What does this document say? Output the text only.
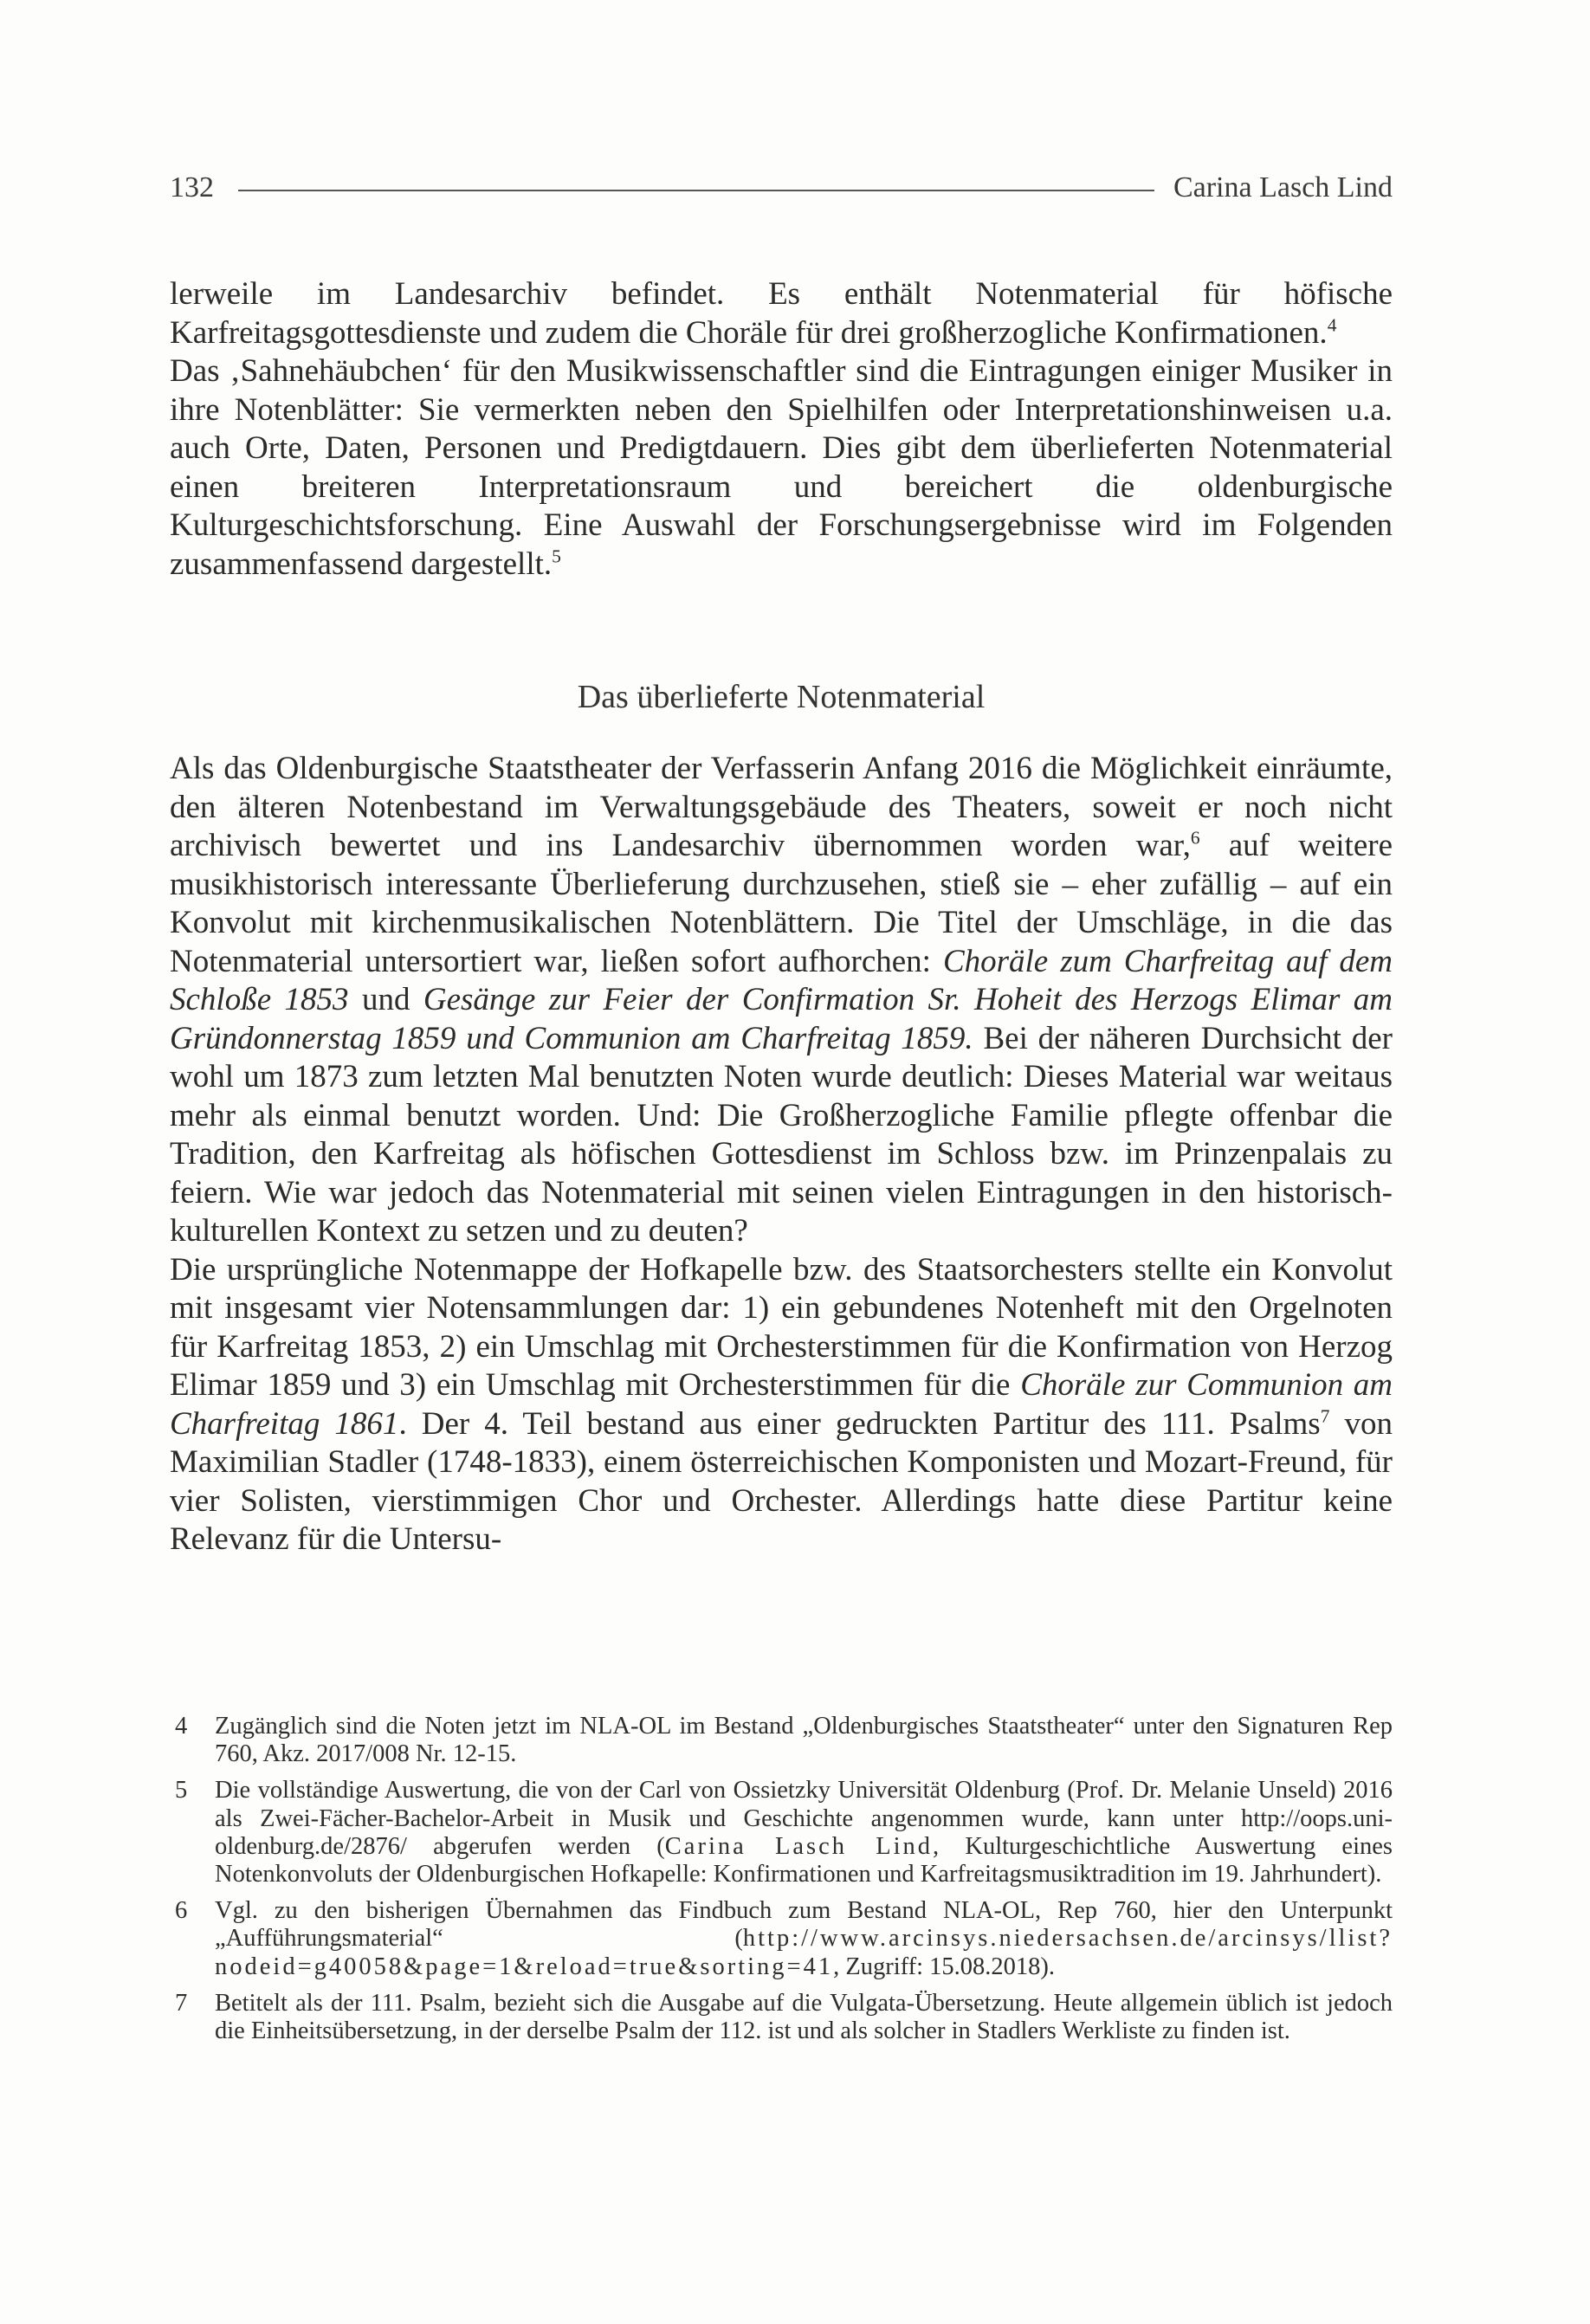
132	Carina Lasch Lind

lerweile im Landesarchiv befindet. Es enthält Notenmaterial für höfische Karfreitagsgottesdienste und zudem die Choräle für drei großherzogliche Konfirmationen.$^4$

Das ‚Sahnehäubchen‘ für den Musikwissenschaftler sind die Eintragungen einiger Musiker in ihre Notenblätter: Sie vermerkten neben den Spielhilfen oder Interpretationshinweisen u.a. auch Orte, Daten, Personen und Predigtdauern. Dies gibt dem überlieferten Notenmaterial einen breiteren Interpretationsraum und bereichert die oldenburgische Kulturgeschichtsforschung. Eine Auswahl der Forschungsergebnisse wird im Folgenden zusammenfassend dargestellt.$^5$

Das überlieferte Notenmaterial

Als das Oldenburgische Staatstheater der Verfasserin Anfang 2016 die Möglichkeit einräumte, den älteren Notenbestand im Verwaltungsgebäude des Theaters, soweit er noch nicht archivisch bewertet und ins Landesarchiv übernommen worden war,$^6$ auf weitere musikhistorisch interessante Überlieferung durchzusehen, stieß sie – eher zufällig – auf ein Konvolut mit kirchenmusikalischen Notenblättern. Die Titel der Umschläge, in die das Notenmaterial untersortiert war, ließen sofort aufhorchen: Choräle zum Charfreitag auf dem Schloße 1853 und Gesänge zur Feier der Confirmation Sr. Hoheit des Herzogs Elimar am Gründonnerstag 1859 und Communion am Charfreitag 1859. Bei der näheren Durchsicht der wohl um 1873 zum letzten Mal benutzten Noten wurde deutlich: Dieses Material war weitaus mehr als einmal benutzt worden. Und: Die Großherzogliche Familie pflegte offenbar die Tradition, den Karfreitag als höfischen Gottesdienst im Schloss bzw. im Prinzenpalais zu feiern. Wie war jedoch das Notenmaterial mit seinen vielen Eintragungen in den historisch-kulturellen Kontext zu setzen und zu deuten?

Die ursprüngliche Notenmappe der Hofkapelle bzw. des Staatsorchesters stellte ein Konvolut mit insgesamt vier Notensammlungen dar: 1) ein gebundenes Notenheft mit den Orgelnoten für Karfreitag 1853, 2) ein Umschlag mit Orchesterstimmen für die Konfirmation von Herzog Elimar 1859 und 3) ein Umschlag mit Orchesterstimmen für die Choräle zur Communion am Charfreitag 1861. Der 4. Teil bestand aus einer gedruckten Partitur des 111. Psalms$^7$ von Maximilian Stadler (1748-1833), einem österreichischen Komponisten und Mozart-Freund, für vier Solisten, vierstimmigen Chor und Orchester. Allerdings hatte diese Partitur keine Relevanz für die Untersu-

4	Zugänglich sind die Noten jetzt im NLA-OL im Bestand „Oldenburgisches Staatstheater“ unter den Signaturen Rep 760, Akz. 2017/008 Nr. 12-15.
5	Die vollständige Auswertung, die von der Carl von Ossietzky Universität Oldenburg (Prof. Dr. Melanie Unseld) 2016 als Zwei-Fächer-Bachelor-Arbeit in Musik und Geschichte angenommen wurde, kann unter http://oops.uni-oldenburg.de/2876/ abgerufen werden (Carina Lasch Lind, Kulturgeschichtliche Auswertung eines Notenkonvoluts der Oldenburgischen Hofkapelle: Konfirmationen und Karfreitagsmusiktradition im 19. Jahrhundert).
6	Vgl. zu den bisherigen Übernahmen das Findbuch zum Bestand NLA-OL, Rep 760, hier den Unterpunkt „Aufführungsmaterial“ (http://www.arcinsys.niedersachsen.de/arcinsys/llist? nodeid=g40058&page=1&reload=true&sorting=41, Zugriff: 15.08.2018).
7	Betitelt als der 111. Psalm, bezieht sich die Ausgabe auf die Vulgata-Übersetzung. Heute allgemein üblich ist jedoch die Einheitsübersetzung, in der derselbe Psalm der 112. ist und als solcher in Stadlers Werkliste zu finden ist.
